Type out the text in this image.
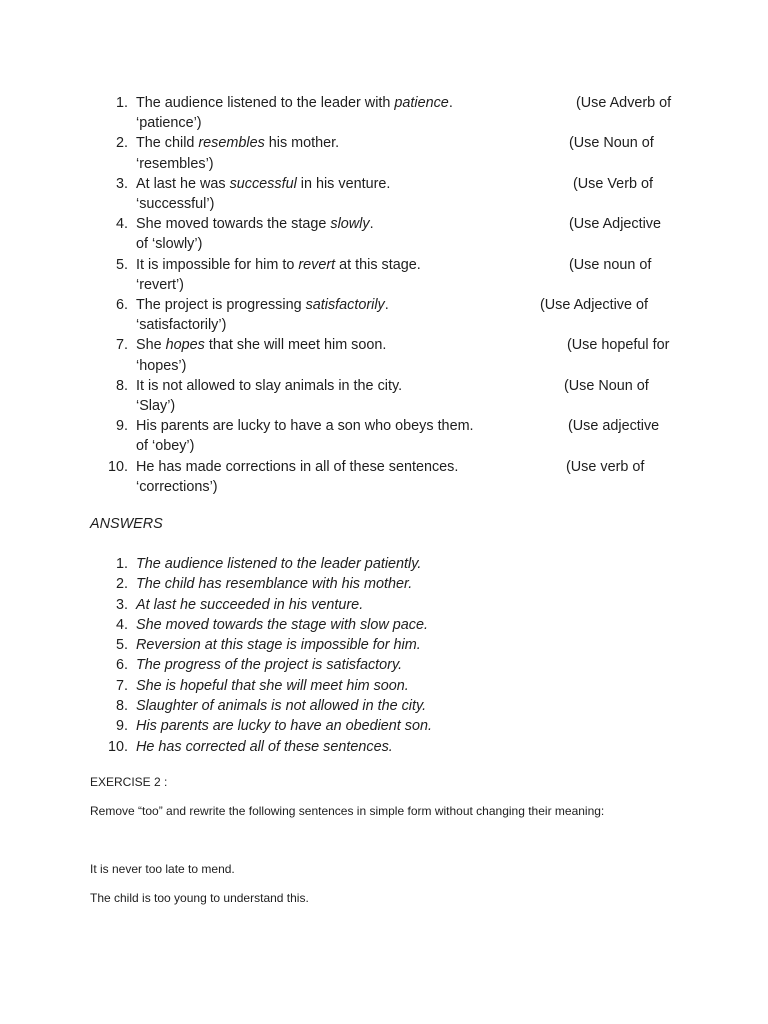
1. The audience listened to the leader with patience.	(Use Adverb of
‘patience’)
2. The child resembles his mother.	(Use Noun of
‘resembles’)
3. At last he was successful in his venture.	(Use Verb of
‘successful’)
4. She moved towards the stage slowly.	(Use Adjective
of ‘slowly’)
5. It is impossible for him to revert at this stage.	(Use noun of
‘revert’)
6. The project is progressing satisfactorily.	(Use Adjective of
‘satisfactorily’)
7. She hopes that she will meet him soon.	(Use hopeful for
‘hopes’)
8. It is not allowed to slay animals in the city.	(Use Noun of
‘Slay’)
9. His parents are lucky to have a son who obeys them.	(Use adjective
of ‘obey’)
10. He has made corrections in all of these sentences.	(Use verb of
‘corrections’)
ANSWERS
1. The audience listened to the leader patiently.
2. The child has resemblance with his mother.
3. At last he succeeded in his venture.
4. She moved towards the stage with slow pace.
5. Reversion at this stage is impossible for him.
6. The progress of the project is satisfactory.
7. She is hopeful that she will meet him soon.
8. Slaughter of animals is not allowed in the city.
9. His parents are lucky to have an obedient son.
10. He has corrected all of these sentences.
EXERCISE 2 :
Remove “too” and rewrite the following sentences in simple form without changing their meaning:
It is never too late to mend.
The child is too young to understand this.
